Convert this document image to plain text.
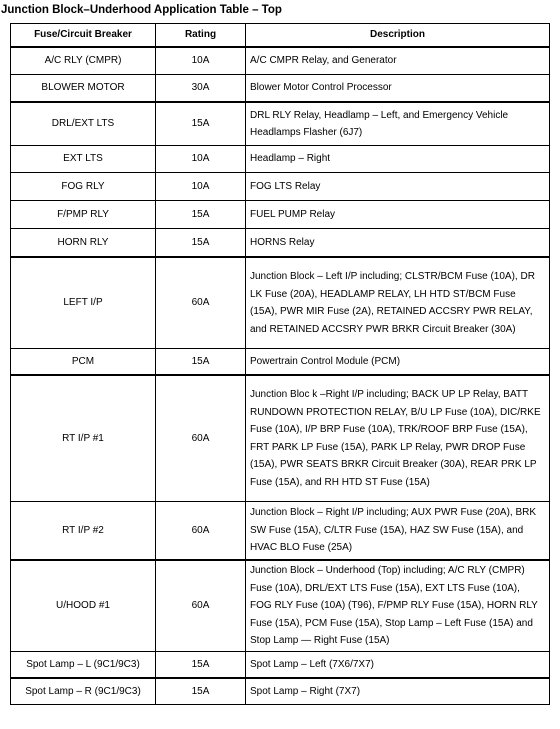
Junction Block–Underhood Application Table – Top
Fuse/Circuit Breaker	Rating	Description
A/C RLY (CMPR)	10A	A/C CMPR Relay, and Generator
BLOWER MOTOR	30A	Blower Motor Control Processor
DRL/EXT LTS	15A	DRL RLY Relay, Headlamp – Left, and Emergency Vehicle Headlamps Flasher (6J7)
EXT LTS	10A	Headlamp – Right
FOG RLY	10A	FOG LTS Relay
F/PMP RLY	15A	FUEL PUMP Relay
HORN RLY	15A	HORNS Relay
LEFT I/P	60A	Junction Block – Left I/P including; CLSTR/BCM Fuse (10A), DR LK Fuse (20A), HEADLAMP RELAY, LH HTD ST/BCM Fuse (15A), PWR MIR Fuse (2A), RETAINED ACCSRY PWR RELAY, and RETAINED ACCSRY PWR BRKR Circuit Breaker (30A)
PCM	15A	Powertrain Control Module (PCM)
RT I/P #1	60A	Junction Bloc k –Right I/P including; BACK UP LP Relay, BATT RUNDOWN PROTECTION RELAY, B/U LP Fuse (10A), DIC/RKE Fuse (10A), I/P BRP Fuse (10A), TRK/ROOF BRP Fuse (15A), FRT PARK LP Fuse (15A), PARK LP Relay, PWR DROP Fuse (15A), PWR SEATS BRKR Circuit Breaker (30A), REAR PRK LP Fuse (15A), and RH HTD ST Fuse (15A)
RT I/P #2	60A	Junction Block – Right I/P including; AUX PWR Fuse (20A), BRK SW Fuse (15A), C/LTR Fuse (15A), HAZ SW Fuse (15A), and HVAC BLO Fuse (25A)
U/HOOD #1	60A	Junction Block – Underhood (Top) including; A/C RLY (CMPR) Fuse (10A), DRL/EXT LTS Fuse (15A), EXT LTS Fuse (10A), FOG RLY Fuse (10A) (T96), F/PMP RLY Fuse (15A), HORN RLY Fuse (15A), PCM Fuse (15A), Stop Lamp – Left Fuse (15A) and Stop Lamp — Right Fuse (15A)
Spot Lamp – L (9C1/9C3)	15A	Spot Lamp – Left (7X6/7X7)
Spot Lamp – R (9C1/9C3)	15A	Spot Lamp – Right (7X7)
